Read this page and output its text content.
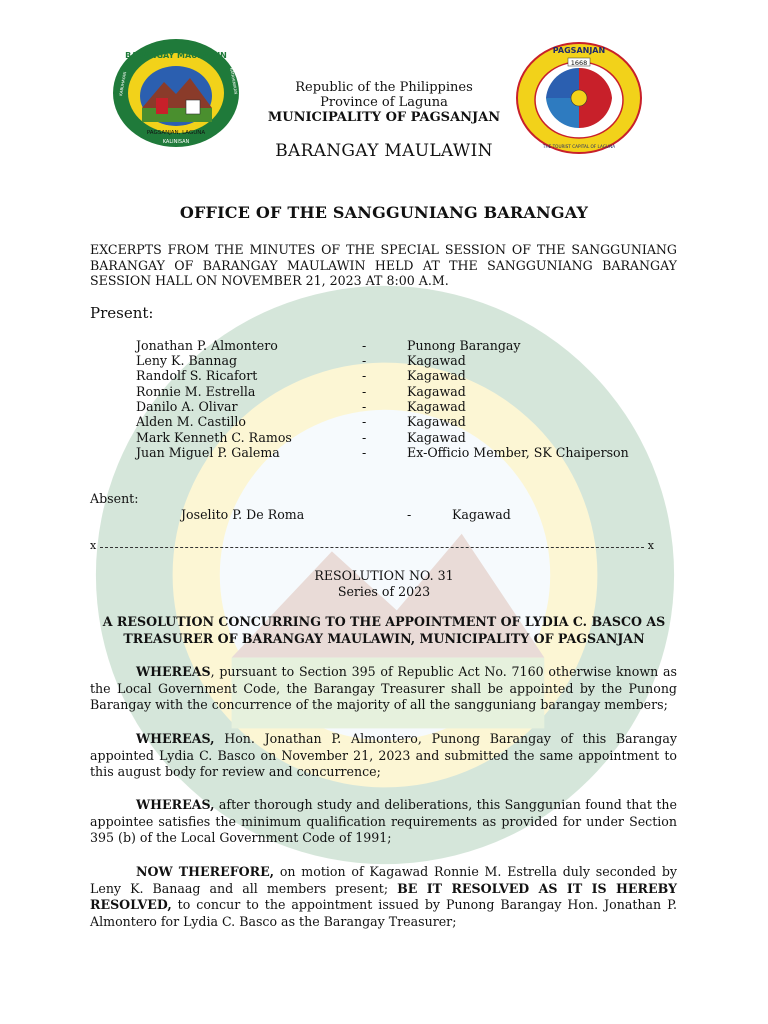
BARANGAY MAULAWIN
PAGSANJAN, LAGUNA
KALINISAN
KABUHAYAN	KATAHIMIKAN
1668
PAGSANJAN
THE TOURIST CAPITAL OF LAGUNA
Republic of the Philippines
Province of Laguna
MUNICIPALITY OF PAGSANJAN
BARANGAY MAULAWIN
OFFICE OF THE SANGGUNIANG BARANGAY
EXCERPTS FROM THE MINUTES OF THE SPECIAL SESSION OF THE SANGGUNIANG BARANGAY OF BARANGAY MAULAWIN HELD AT THE SANGGUNIANG BARANGAY SESSION HALL ON NOVEMBER 21, 2023 AT 8:00 A.M.
Present:
Jonathan P. Almontero	-	Punong Barangay
Leny K. Bannag	-	Kagawad
Randolf S. Ricafort	-	Kagawad
Ronnie M. Estrella	-	Kagawad
Danilo A. Olivar	-	Kagawad
Alden M. Castillo	-	Kagawad
Mark Kenneth C. Ramos	-	Kagawad
Juan Miguel P. Galema	-	Ex-Officio Member, SK Chaiperson
Absent:
Joselito P. De Roma	-	Kagawad
x	x
RESOLUTION NO. 31
Series of 2023
A RESOLUTION CONCURRING TO THE APPOINTMENT OF LYDIA C. BASCO AS
TREASURER OF BARANGAY MAULAWIN, MUNICIPALITY OF PAGSANJAN
WHEREAS, pursuant to Section 395 of Republic Act No. 7160 otherwise known as the Local Government Code, the Barangay Treasurer shall be appointed by the Punong Barangay with the concurrence of the majority of all the sangguniang barangay members;
WHEREAS, Hon. Jonathan P. Almontero, Punong Barangay of this Barangay appointed Lydia C. Basco on November 21, 2023 and submitted the same appointment to this august body for review and concurrence;
WHEREAS, after thorough study and deliberations, this Sanggunian found that the appointee satisfies the minimum qualification requirements as provided for under Section 395 (b) of the Local Government Code of 1991;
NOW THEREFORE, on motion of Kagawad Ronnie M. Estrella duly seconded by Leny K. Banaag and all members present; BE IT RESOLVED AS IT IS HEREBY RESOLVED, to concur to the appointment issued by Punong Barangay Hon. Jonathan P. Almontero for Lydia C. Basco as the Barangay Treasurer;
